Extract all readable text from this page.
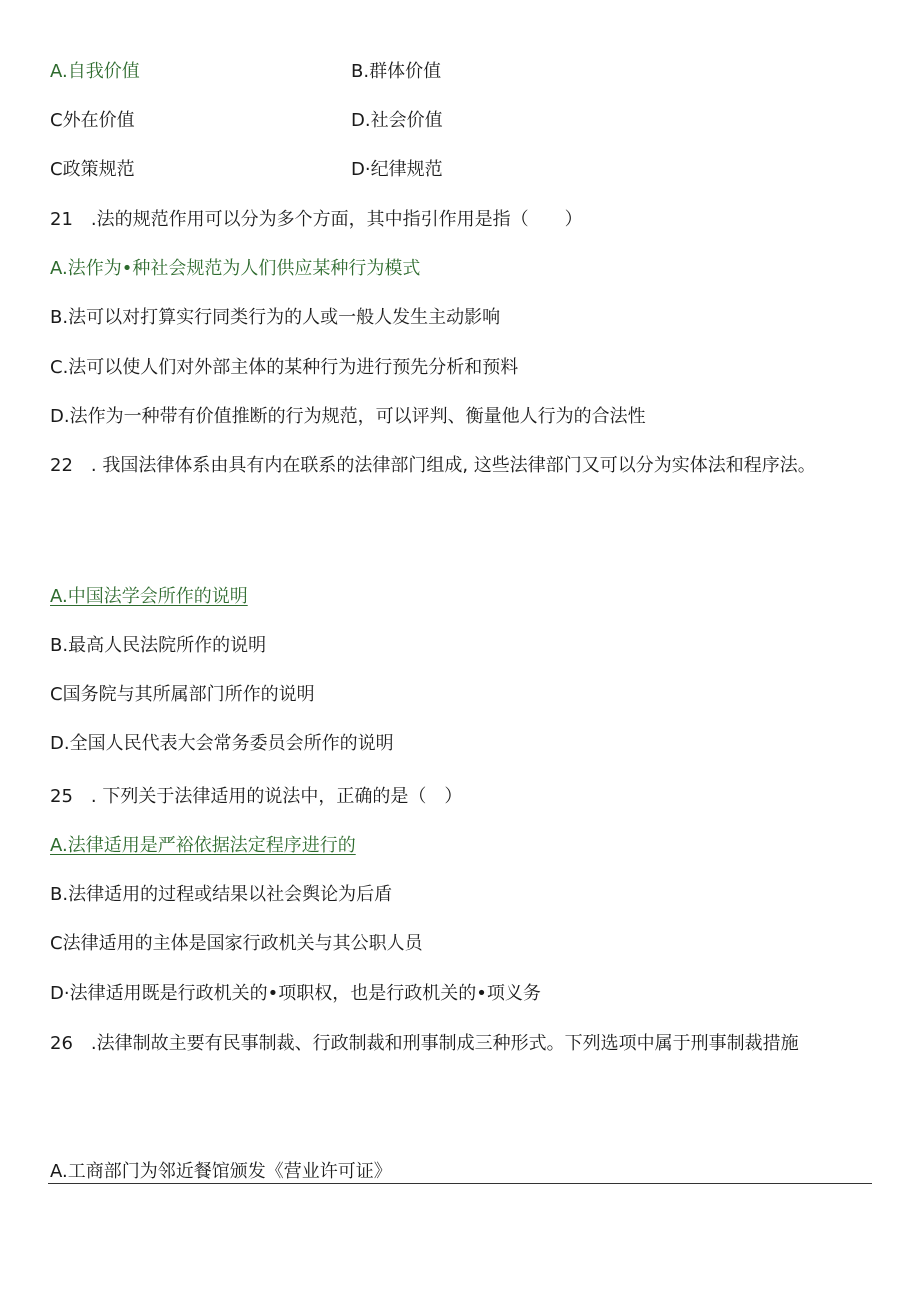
A.自我价值	B.群体价值
C外在价值	D.社会价值
C政策规范	D·纪律规范
21　.法的规范作用可以分为多个方面，其中指引作用是指（　　）
A.法作为•种社会规范为人们供应某种行为模式
B.法可以对打算实行同类行为的人或一般人发生主动影响
C.法可以使人们对外部主体的某种行为进行预先分析和预料
D.法作为一种带有价值推断的行为规范，可以评判、衡量他人行为的合法性
22　. 我国法律体系由具有内在联系的法律部门组成, 这些法律部门又可以分为实体法和程序法。
A.中国法学会所作的说明
B.最高人民法院所作的说明
C国务院与其所属部门所作的说明
D.全国人民代表大会常务委员会所作的说明
25　. 下列关于法律适用的说法中，正确的是（　）
A.法律适用是严裕依据法定程序进行的
B.法律适用的过程或结果以社会舆论为后盾
C法律适用的主体是国家行政机关与其公职人员
D·法律适用既是行政机关的•项职权，也是行政机关的•项义务
26　.法律制故主要有民事制裁、行政制裁和刑事制成三种形式。下列选项中属于刑事制裁措施
A.工商部门为邻近餐馆颁发《营业许可证》
